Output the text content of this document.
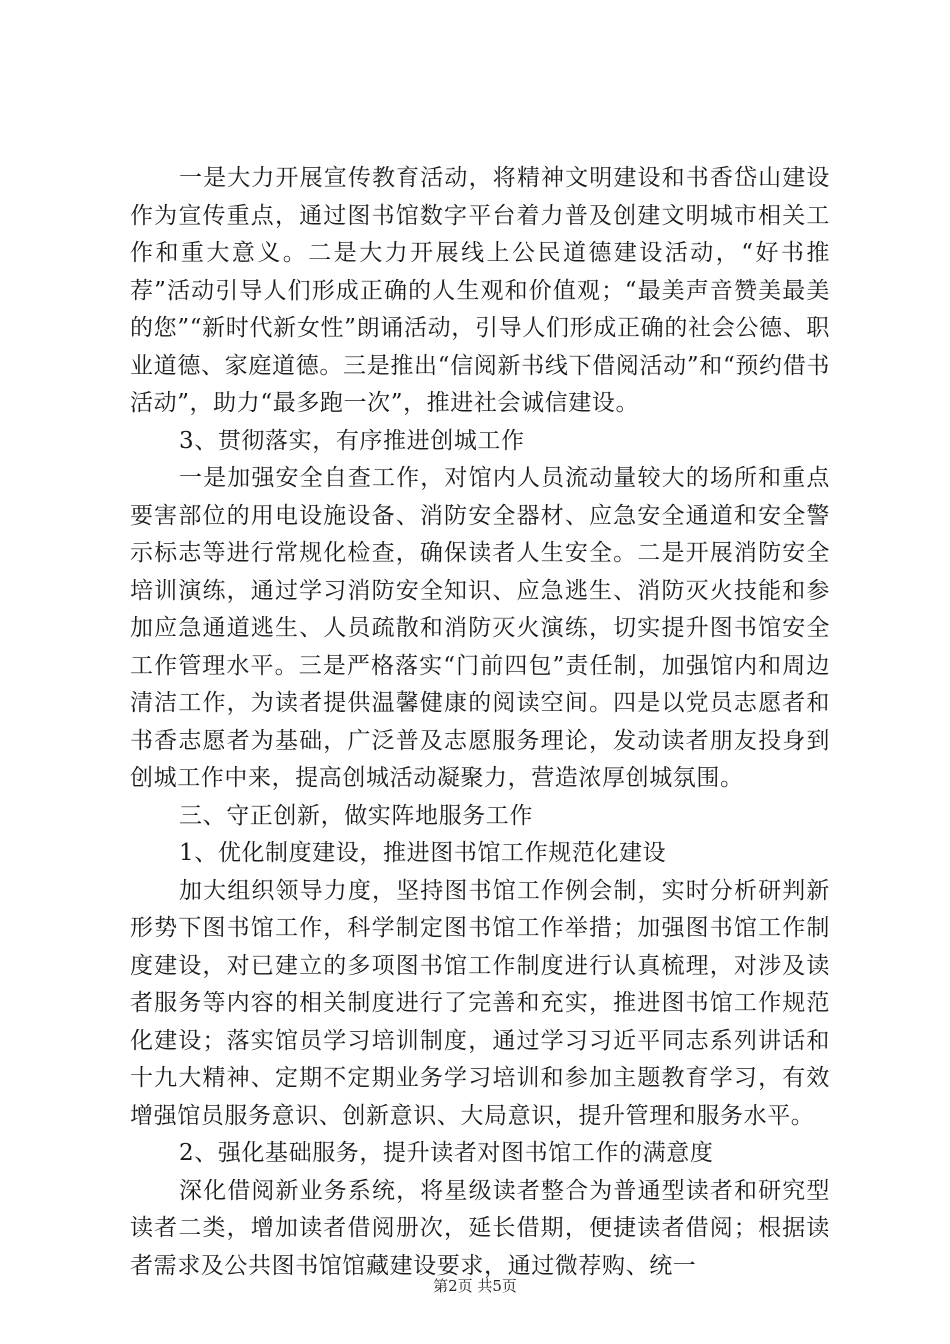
一是大力开展宣传教育活动，将精神文明建设和书香岱山建设作为宣传重点，通过图书馆数字平台着力普及创建文明城市相关工作和重大意义。二是大力开展线上公民道德建设活动，“好书推荐”活动引导人们形成正确的人生观和价值观；“最美声音赞美最美的您”“新时代新女性”朗诵活动，引导人们形成正确的社会公德、职业道德、家庭道德。三是推出“信阅新书线下借阅活动”和“预约借书活动”，助力“最多跑一次”，推进社会诚信建设。

3、贯彻落实，有序推进创城工作

一是加强安全自查工作，对馆内人员流动量较大的场所和重点要害部位的用电设施设备、消防安全器材、应急安全通道和安全警示标志等进行常规化检查，确保读者人生安全。二是开展消防安全培训演练，通过学习消防安全知识、应急逃生、消防灭火技能和参加应急通道逃生、人员疏散和消防灭火演练，切实提升图书馆安全工作管理水平。三是严格落实“门前四包”责任制，加强馆内和周边清洁工作，为读者提供温馨健康的阅读空间。四是以党员志愿者和书香志愿者为基础，广泛普及志愿服务理论，发动读者朋友投身到创城工作中来，提高创城活动凝聚力，营造浓厚创城氛围。

三、守正创新，做实阵地服务工作

1、优化制度建设，推进图书馆工作规范化建设

加大组织领导力度，坚持图书馆工作例会制，实时分析研判新形势下图书馆工作，科学制定图书馆工作举措；加强图书馆工作制度建设，对已建立的多项图书馆工作制度进行认真梳理，对涉及读者服务等内容的相关制度进行了完善和充实，推进图书馆工作规范化建设；落实馆员学习培训制度，通过学习习近平同志系列讲话和十九大精神、定期不定期业务学习培训和参加主题教育学习，有效增强馆员服务意识、创新意识、大局意识，提升管理和服务水平。

2、强化基础服务，提升读者对图书馆工作的满意度

深化借阅新业务系统，将星级读者整合为普通型读者和研究型读者二类，增加读者借阅册次，延长借期，便捷读者借阅；根据读者需求及公共图书馆馆藏建设要求，通过微荐购、统一

第2页 共5页
